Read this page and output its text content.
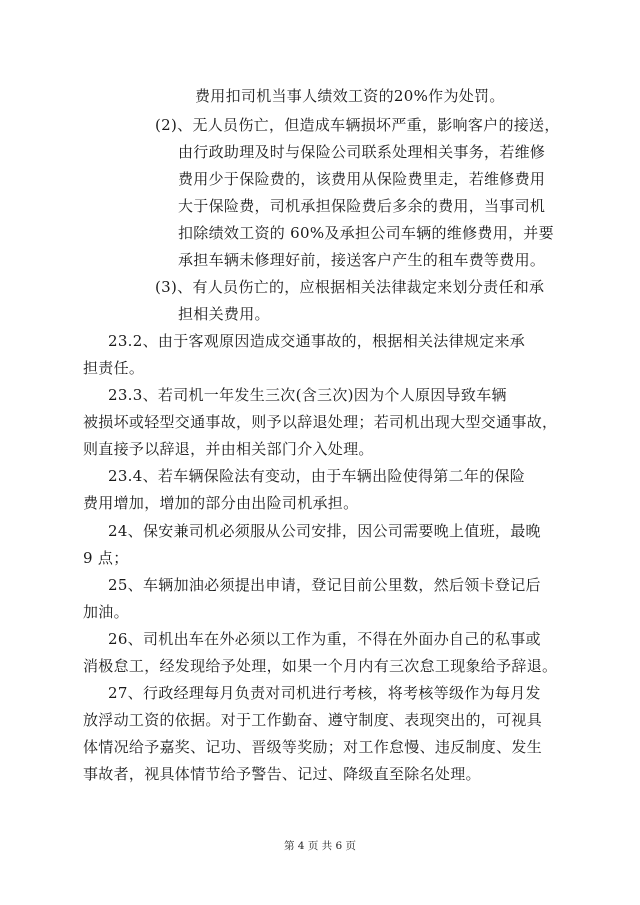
费用扣司机当事人绩效工资的20%作为处罚。
(2)、无人员伤亡，但造成车辆损坏严重，影响客户的接送，
由行政助理及时与保险公司联系处理相关事务，若维修
费用少于保险费的，该费用从保险费里走，若维修费用
大于保险费，司机承担保险费后多余的费用，当事司机
扣除绩效工资的 60%及承担公司车辆的维修费用，并要
承担车辆未修理好前，接送客户产生的租车费等费用。
(3)、有人员伤亡的，应根据相关法律裁定来划分责任和承
担相关费用。
23.2、由于客观原因造成交通事故的，根据相关法律规定来承
担责任。
23.3、若司机一年发生三次(含三次)因为个人原因导致车辆
被损坏或轻型交通事故，则予以辞退处理；若司机出现大型交通事故，
则直接予以辞退，并由相关部门介入处理。
23.4、若车辆保险法有变动，由于车辆出险使得第二年的保险
费用增加，增加的部分由出险司机承担。
24、保安兼司机必须服从公司安排，因公司需要晚上值班，最晚
9 点；
25、车辆加油必须提出申请，登记目前公里数，然后领卡登记后
加油。
26、司机出车在外必须以工作为重，不得在外面办自己的私事或
消极怠工，经发现给予处理，如果一个月内有三次怠工现象给予辞退。
27、行政经理每月负责对司机进行考核，将考核等级作为每月发
放浮动工资的依据。对于工作勤奋、遵守制度、表现突出的，可视具
体情况给予嘉奖、记功、晋级等奖励；对工作怠慢、违反制度、发生
事故者，视具体情节给予警告、记过、降级直至除名处理。
第 4 页 共 6 页
